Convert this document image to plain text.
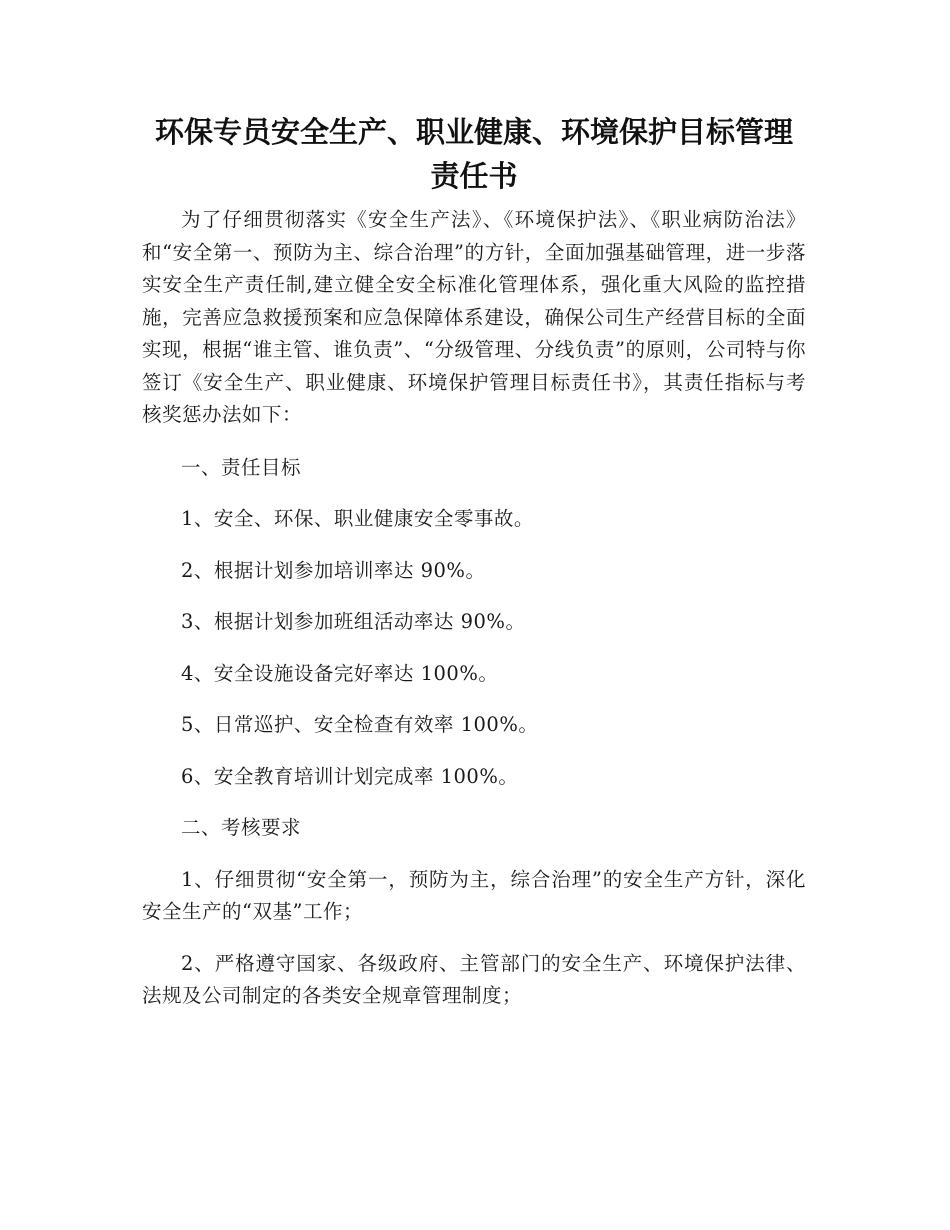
环保专员安全生产、职业健康、环境保护目标管理责任书

为了仔细贯彻落实《安全生产法》、《环境保护法》、《职业病防治法》和“安全第一、预防为主、综合治理”的方针，全面加强基础管理，进一步落实安全生产责任制,建立健全安全标准化管理体系，强化重大风险的监控措施，完善应急救援预案和应急保障体系建设，确保公司生产经营目标的全面实现，根据“谁主管、谁负责”、“分级管理、分线负责”的原则，公司特与你签订《安全生产、职业健康、环境保护管理目标责任书》，其责任指标与考核奖惩办法如下：

一、责任目标

1、安全、环保、职业健康安全零事故。

2、根据计划参加培训率达 90%。

3、根据计划参加班组活动率达 90%。

4、安全设施设备完好率达 100%。

5、日常巡护、安全检查有效率 100%。

6、安全教育培训计划完成率 100%。

二、考核要求

1、仔细贯彻“安全第一，预防为主，综合治理”的安全生产方针，深化安全生产的“双基”工作；

2、严格遵守国家、各级政府、主管部门的安全生产、环境保护法律、法规及公司制定的各类安全规章管理制度；
